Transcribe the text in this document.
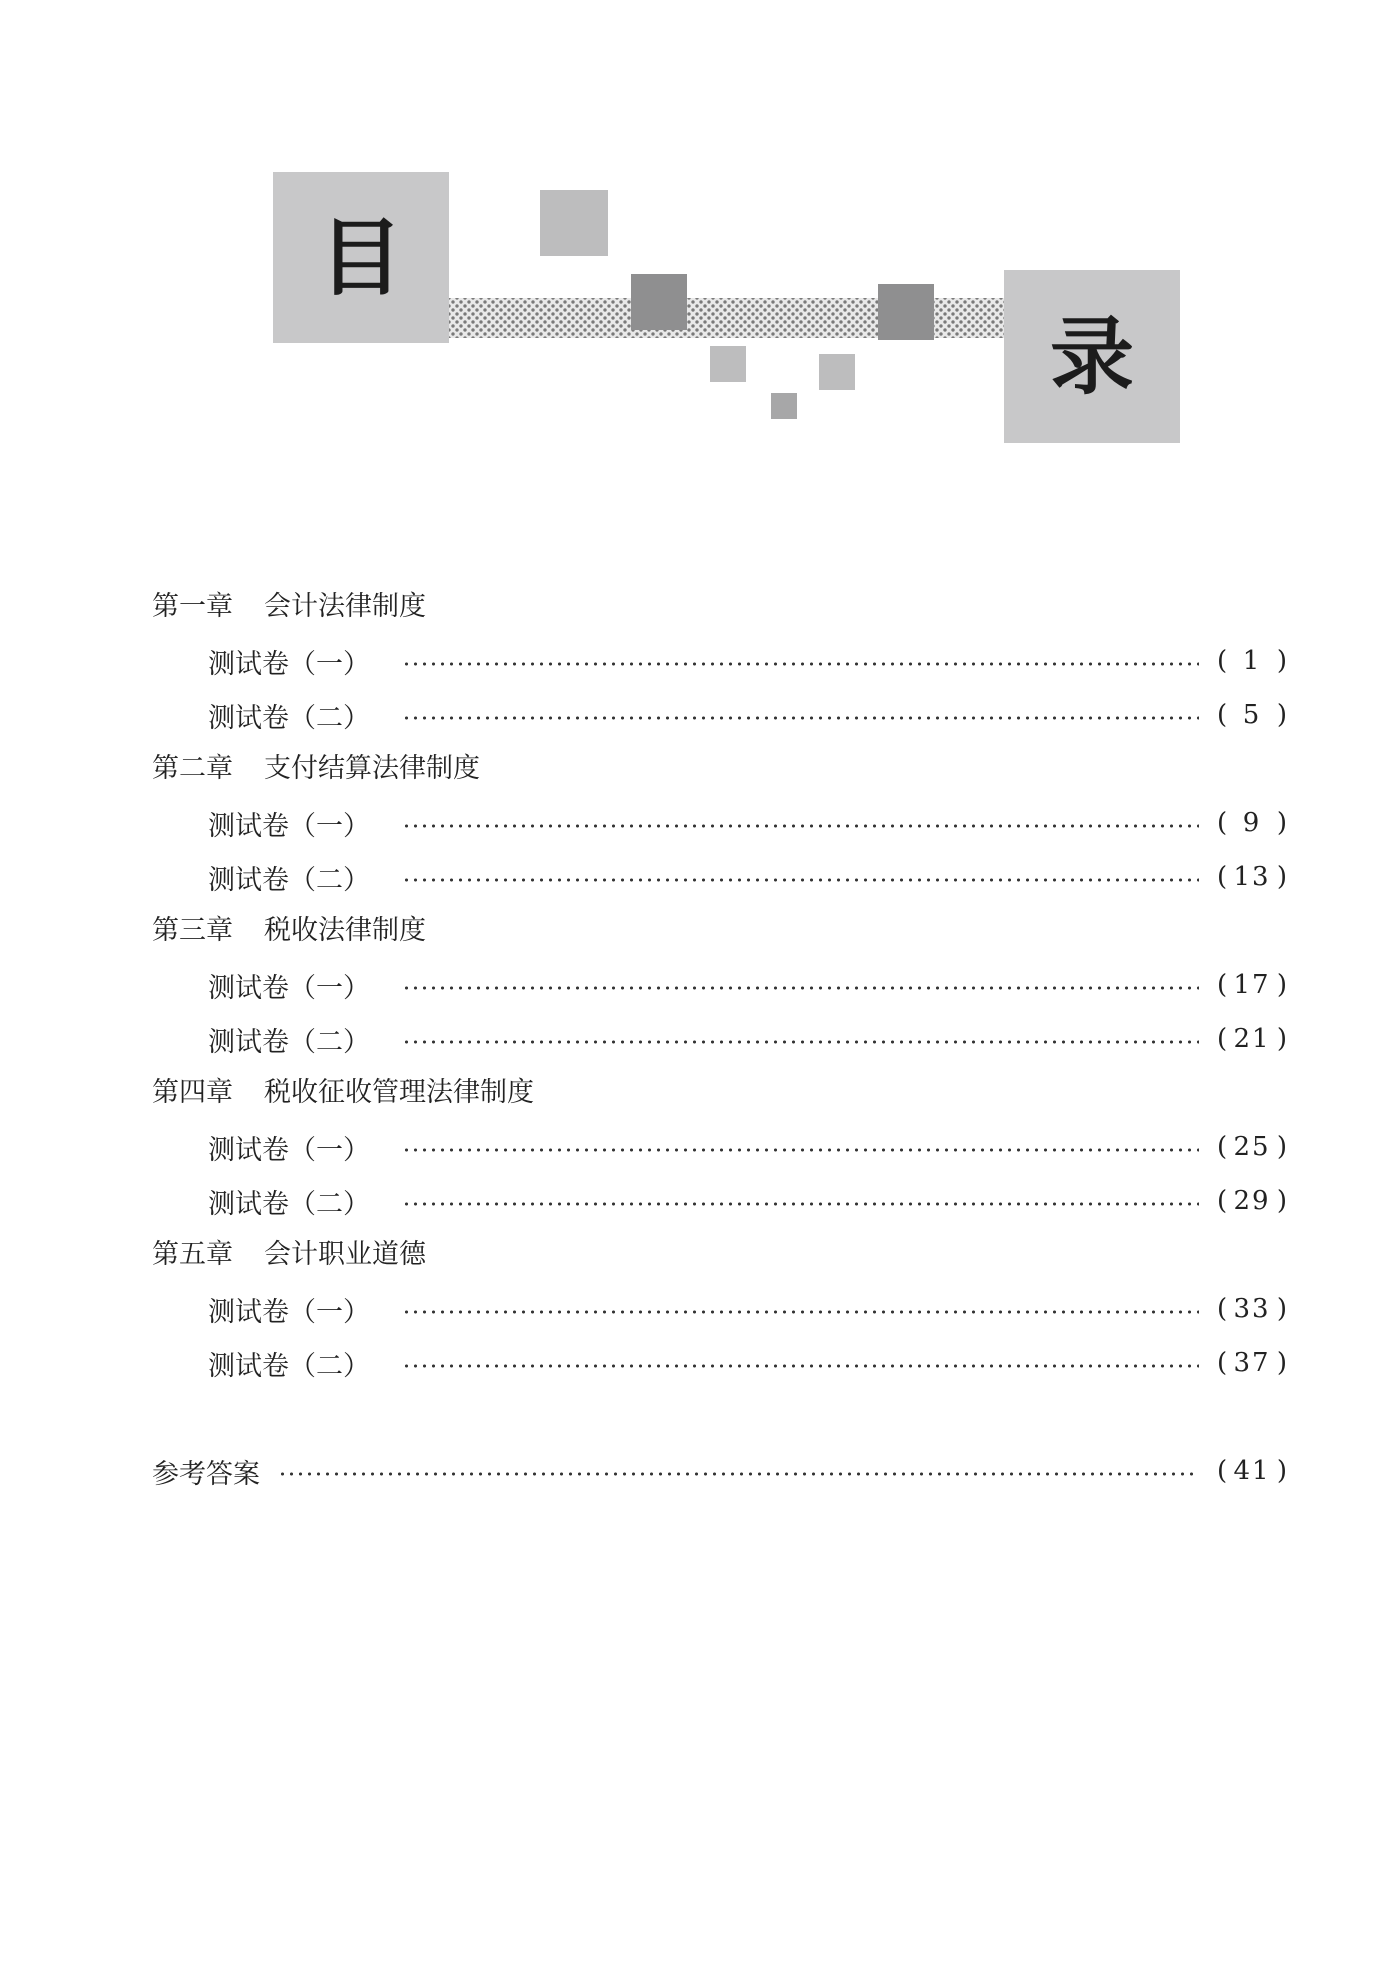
目
录
第一章 会计法律制度
测试卷（一）	( 1 )
测试卷（二）	( 5 )
第二章 支付结算法律制度
测试卷（一）	( 9 )
测试卷（二）	( 13 )
第三章 税收法律制度
测试卷（一）	( 17 )
测试卷（二）	( 21 )
第四章 税收征收管理法律制度
测试卷（一）	( 25 )
测试卷（二）	( 29 )
第五章 会计职业道德
测试卷（一）	( 33 )
测试卷（二）	( 37 )
参考答案	( 41 )
